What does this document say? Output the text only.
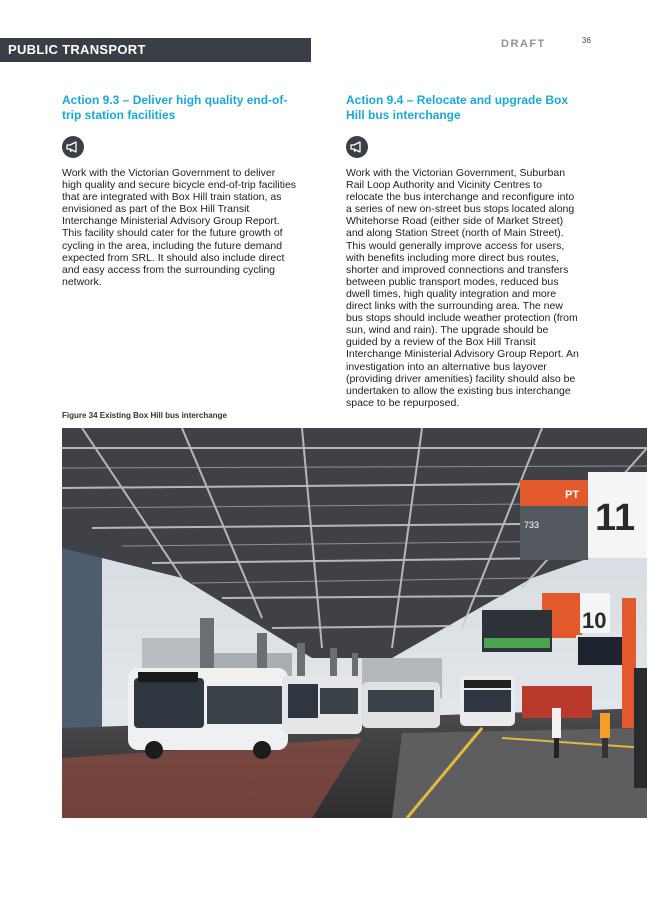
PUBLIC TRANSPORT	DRAFT	36

Action 9.3 – Deliver high quality end-of-
trip station facilities

Work with the Victorian Government to deliver
high quality and secure bicycle end-of-trip facilities
that are integrated with Box Hill train station, as
envisioned as part of the Box Hill Transit
Interchange Ministerial Advisory Group Report.
This facility should cater for the future growth of
cycling in the area, including the future demand
expected from SRL. It should also include direct
and easy access from the surrounding cycling
network.

Action 9.4 – Relocate and upgrade Box
Hill bus interchange

Work with the Victorian Government, Suburban
Rail Loop Authority and Vicinity Centres to
relocate the bus interchange and reconfigure into
a series of new on-street bus stops located along
Whitehorse Road (either side of Market Street)
and along Station Street (north of Main Street).
This would generally improve access for users,
with benefits including more direct bus routes,
shorter and improved connections and transfers
between public transport modes, reduced bus
dwell times, high quality integration and more
direct links with the surrounding area. The new
bus stops should include weather protection (from
sun, wind and rain). The upgrade should be
guided by a review of the Box Hill Transit
Interchange Ministerial Advisory Group Report. An
investigation into an alternative bus layover
(providing driver amenities) facility should also be
undertaken to allow the existing bus interchange
space to be repurposed.

Figure 34 Existing Box Hill bus interchange
PT
733 11
10
